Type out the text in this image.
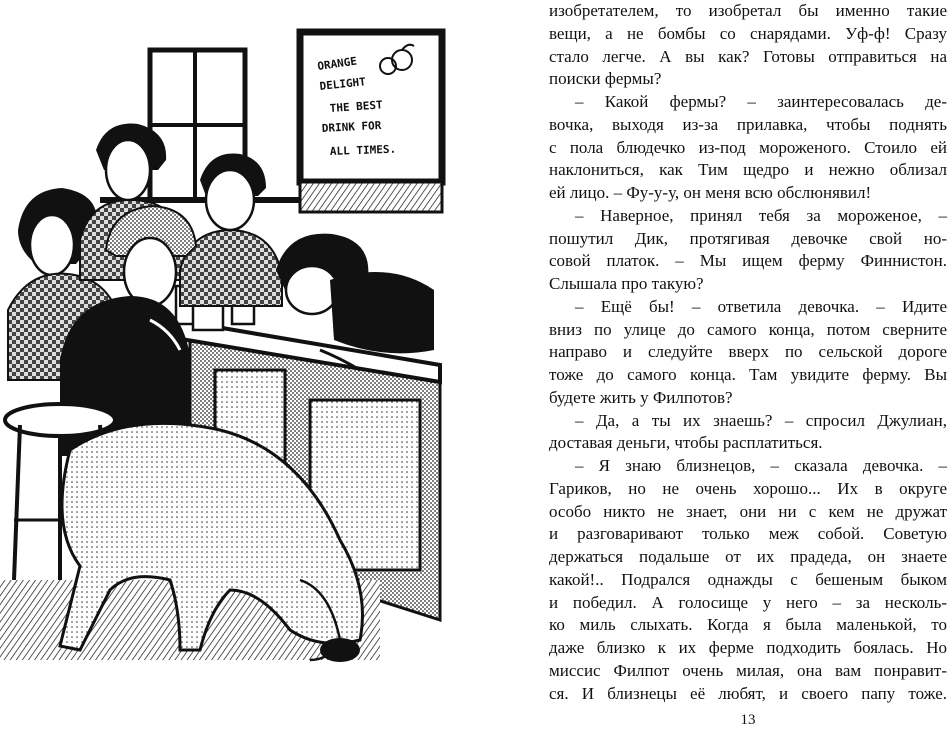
ORANGE
DELIGHT
THE BEST
DRINK FOR
ALL TIMES.

изобретателем, то изобретал бы именно такие

вещи, а не бомбы со снарядами. Уф-ф! Сразу

стало легче. А вы как? Готовы отправиться на

поиски фермы?

– Какой фермы? – заинтересовалась де-

вочка, выходя из-за прилавка, чтобы поднять

с пола блюдечко из-под мороженого. Стоило ей

наклониться, как Тим щедро и нежно облизал

ей лицо. – Фу-у-у, он меня всю обслюнявил!

– Наверное, принял тебя за мороженое, –

пошутил Дик, протягивая девочке свой но-

совой платок. – Мы ищем ферму Финнистон.

Слышала про такую?

– Ещё бы! – ответила девочка. – Идите

вниз по улице до самого конца, потом сверните

направо и следуйте вверх по сельской дороге

тоже до самого конца. Там увидите ферму. Вы

будете жить у Филпотов?

– Да, а ты их знаешь? – спросил Джулиан,

доставая деньги, чтобы расплатиться.

– Я знаю близнецов, – сказала девочка. –

Гариков, но не очень хорошо... Их в округе

особо никто не знает, они ни с кем не дружат

и разговаривают только меж собой. Советую

держаться подальше от их прадеда, он знаете

какой!.. Подрался однажды с бешеным быком

и победил. А голосище у него – за несколь-

ко миль слыхать. Когда я была маленькой, то

даже близко к их ферме подходить боялась. Но

миссис Филпот очень милая, она вам понравит-

ся. И близнецы её любят, и своего папу тоже.

13
